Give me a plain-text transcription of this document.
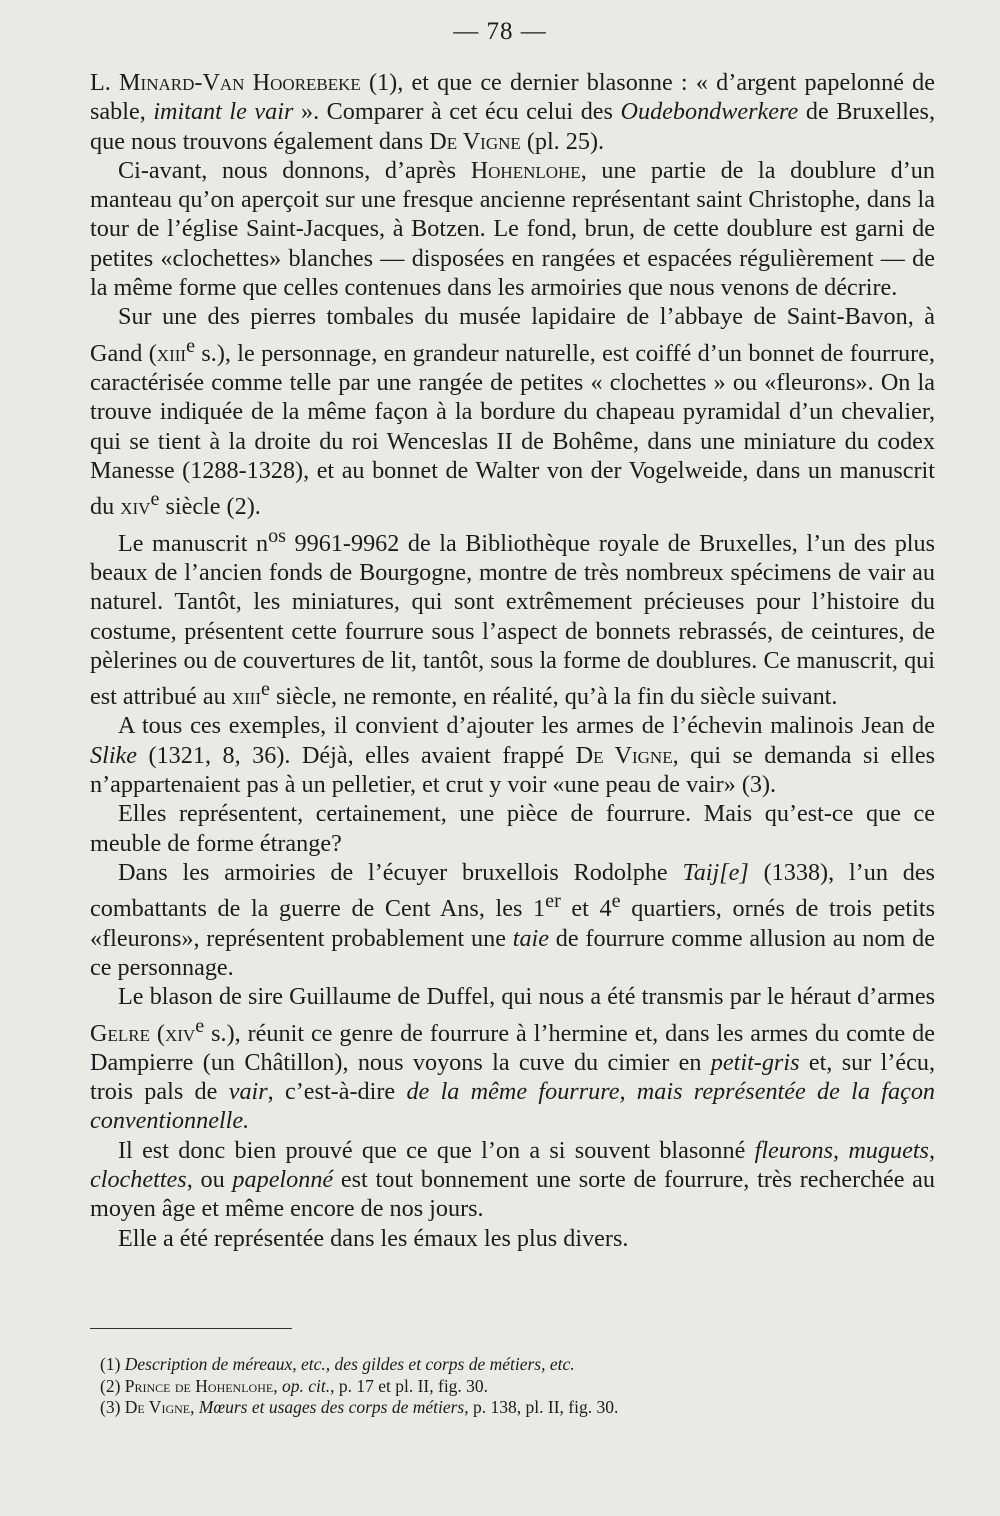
— 78 —

L. Minard-Van Hoorebeke (1), et que ce dernier blasonne : « d’argent papelonné de sable, imitant le vair ». Comparer à cet écu celui des Oudebondwerkere de Bruxelles, que nous trouvons également dans De Vigne (pl. 25).

Ci-avant, nous donnons, d’après Hohenlohe, une partie de la doublure d’un manteau qu’on aperçoit sur une fresque ancienne représentant saint Christophe, dans la tour de l’église Saint-Jacques, à Botzen. Le fond, brun, de cette doublure est garni de petites «clochettes» blanches — disposées en rangées et espacées régulièrement — de la même forme que celles contenues dans les armoiries que nous venons de décrire.

Sur une des pierres tombales du musée lapidaire de l’abbaye de Saint-Bavon, à Gand (xiii$^e$ s.), le personnage, en grandeur naturelle, est coiffé d’un bonnet de fourrure, caractérisée comme telle par une rangée de petites « clochettes » ou «fleurons». On la trouve indiquée de la même façon à la bordure du chapeau pyramidal d’un chevalier, qui se tient à la droite du roi Wenceslas II de Bohême, dans une miniature du codex Manesse (1288-1328), et au bonnet de Walter von der Vogelweide, dans un manuscrit du xiv$^e$ siècle (2).

Le manuscrit $n^{os}$ 9961-9962 de la Bibliothèque royale de Bruxelles, l’un des plus beaux de l’ancien fonds de Bourgogne, montre de très nombreux spécimens de vair au naturel. Tantôt, les miniatures, qui sont extrêmement précieuses pour l’histoire du costume, présentent cette fourrure sous l’aspect de bonnets rebrassés, de ceintures, de pèlerines ou de couvertures de lit, tantôt, sous la forme de doublures. Ce manuscrit, qui est attribué au xiii$^e$ siècle, ne remonte, en réalité, qu’à la fin du siècle suivant.

A tous ces exemples, il convient d’ajouter les armes de l’échevin malinois Jean de Slike (1321, 8, 36). Déjà, elles avaient frappé De Vigne, qui se demanda si elles n’appartenaient pas à un pelletier, et crut y voir «une peau de vair» (3).

Elles représentent, certainement, une pièce de fourrure. Mais qu’est-ce que ce meuble de forme étrange?

Dans les armoiries de l’écuyer bruxellois Rodolphe Taij[e] (1338), l’un des combattants de la guerre de Cent Ans, les 1er et 4e quartiers, ornés de trois petits «fleurons», représentent probablement une taie de fourrure comme allusion au nom de ce personnage.

Le blason de sire Guillaume de Duffel, qui nous a été transmis par le héraut d’armes Gelre (xiv$^e$ s.), réunit ce genre de fourrure à l’hermine et, dans les armes du comte de Dampierre (un Châtillon), nous voyons la cuve du cimier en petit-gris et, sur l’écu, trois pals de vair, c’est-à-dire de la même fourrure, mais représentée de la façon conventionnelle.

Il est donc bien prouvé que ce que l’on a si souvent blasonné fleurons, muguets, clochettes, ou papelonné est tout bonnement une sorte de fourrure, très recherchée au moyen âge et même encore de nos jours.

Elle a été représentée dans les émaux les plus divers.

(1) Description de méreaux, etc., des gildes et corps de métiers, etc.
(2) Prince de Hohenlohe, op. cit., p. 17 et pl. II, fig. 30.
(3) De Vigne, Mœurs et usages des corps de métiers, p. 138, pl. II, fig. 30.
